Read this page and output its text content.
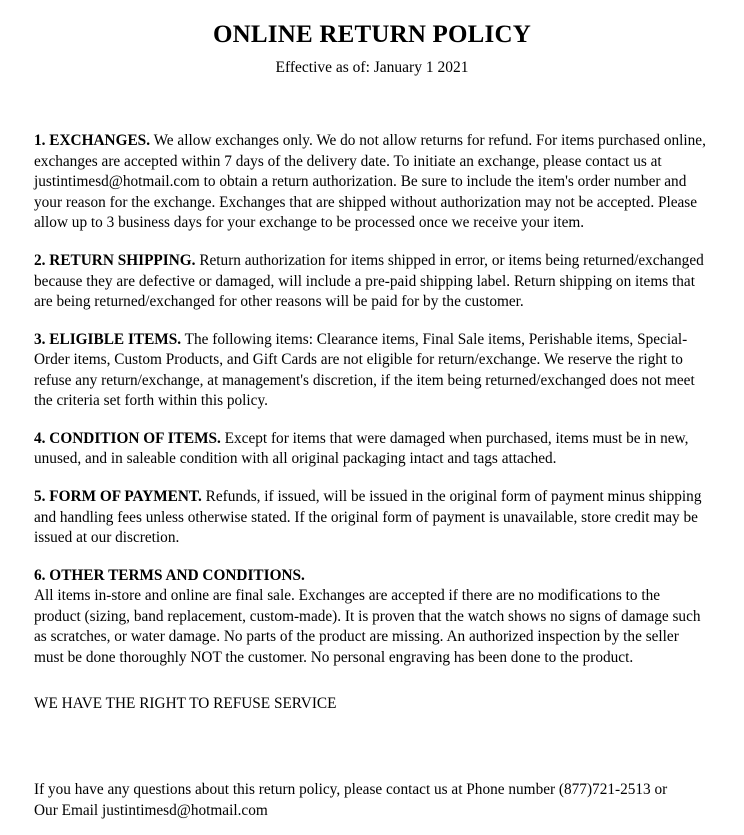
ONLINE RETURN POLICY
Effective as of: January 1 2021

1. EXCHANGES. We allow exchanges only. We do not allow returns for refund. For items purchased online, exchanges are accepted within 7 days of the delivery date. To initiate an exchange, please contact us at justintimesd@hotmail.com to obtain a return authorization. Be sure to include the item's order number and your reason for the exchange. Exchanges that are shipped without authorization may not be accepted. Please allow up to 3 business days for your exchange to be processed once we receive your item.

2. RETURN SHIPPING. Return authorization for items shipped in error, or items being returned/exchanged because they are defective or damaged, will include a pre-paid shipping label. Return shipping on items that are being returned/exchanged for other reasons will be paid for by the customer.

3. ELIGIBLE ITEMS. The following items: Clearance items, Final Sale items, Perishable items, Special-Order items, Custom Products, and Gift Cards are not eligible for return/exchange. We reserve the right to refuse any return/exchange, at management's discretion, if the item being returned/exchanged does not meet the criteria set forth within this policy.

4. CONDITION OF ITEMS. Except for items that were damaged when purchased, items must be in new, unused, and in saleable condition with all original packaging intact and tags attached.

5. FORM OF PAYMENT. Refunds, if issued, will be issued in the original form of payment minus shipping and handling fees unless otherwise stated. If the original form of payment is unavailable, store credit may be issued at our discretion.

6. OTHER TERMS AND CONDITIONS.
All items in-store and online are final sale. Exchanges are accepted if there are no modifications to the product (sizing, band replacement, custom-made). It is proven that the watch shows no signs of damage such as scratches, or water damage. No parts of the product are missing. An authorized inspection by the seller must be done thoroughly NOT the customer. No personal engraving has been done to the product.

WE HAVE THE RIGHT TO REFUSE SERVICE

If you have any questions about this return policy, please contact us at Phone number (877)721-2513 or

Our Email justintimesd@hotmail.com
